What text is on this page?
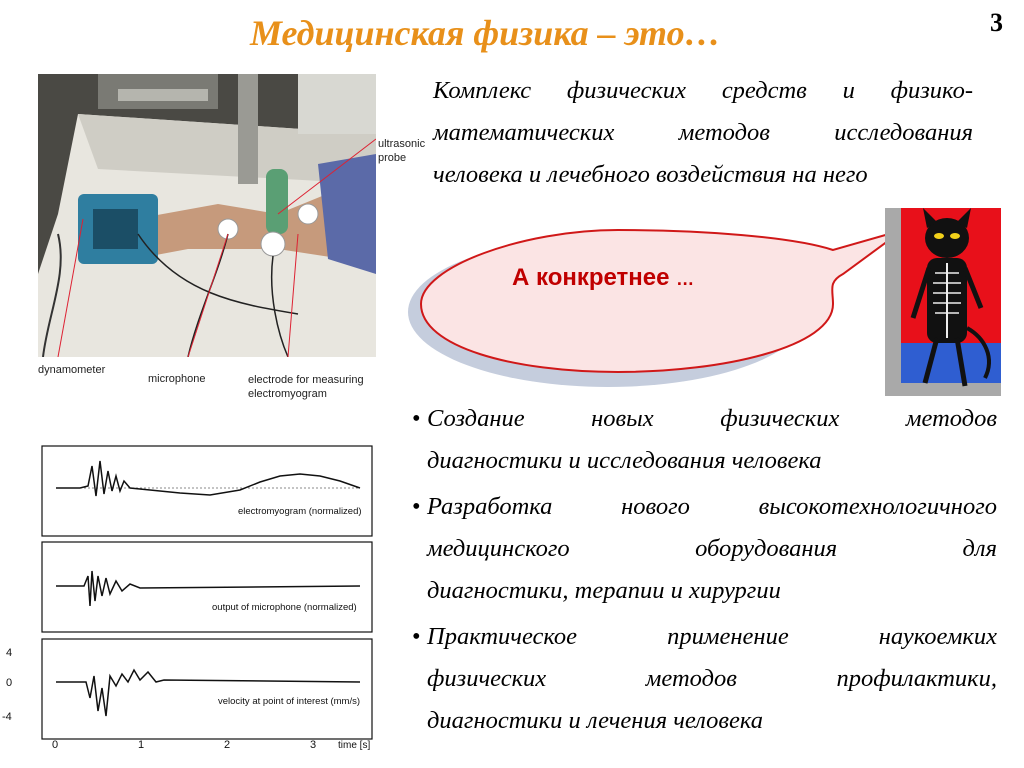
Медицинская физика – это…	3
ultrasonic
probe
dynamometer
microphone	electrode for measuring
electromyogram
Комплекс физических средств и физико-
математических методов исследования
человека и лечебного воздействия на него
А конкретнее …
• Создание новых физических методов
диагностики и исследования человека
• Разработка нового высокотехнологичного
медицинского оборудования для
диагностики, терапии и хирургии
• Практическое применение наукоемких
физических методов профилактики,
диагностики и лечения человека
electromyogram (normalized)
output of microphone (normalized)
4
0
-4
velocity at point of interest (mm/s)
0	1	2	3 time [s]
